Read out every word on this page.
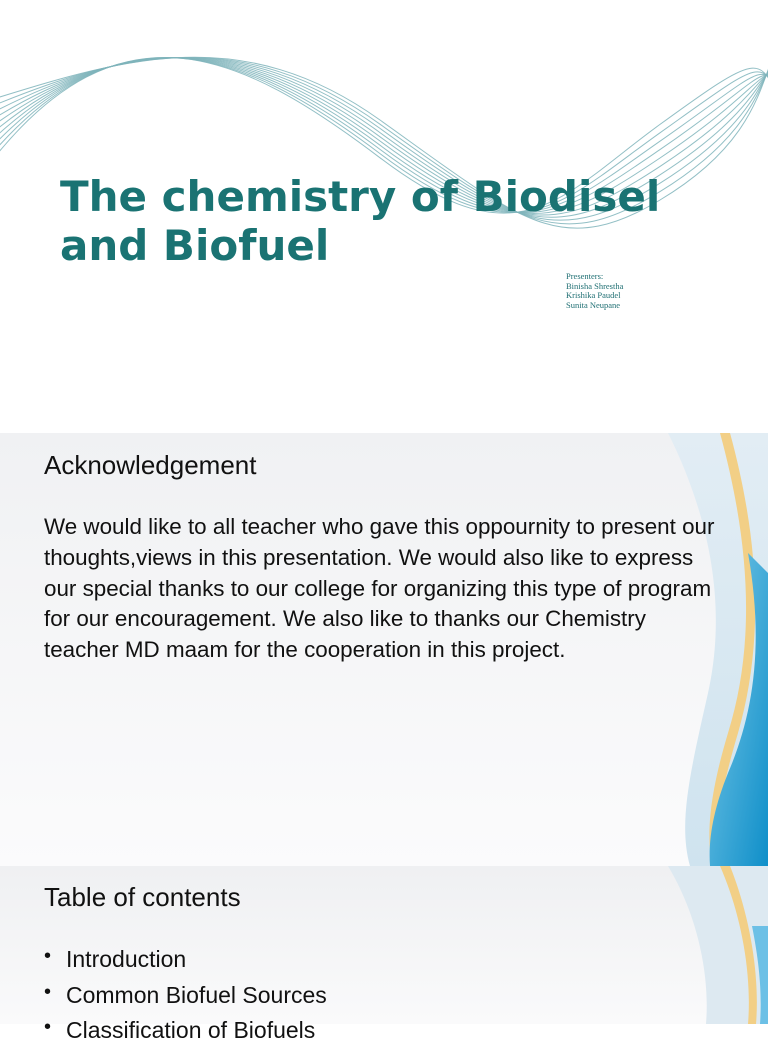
The chemistry of Biodisel and Biofuel
Presenters:
Binisha Shrestha
Krishika Paudel
Sunita Neupane
Acknowledgement

We would like to all teacher who gave this oppournity to present our thoughts,views in this presentation. We would also like to express our special thanks to our college for organizing this type of program for our encouragement. We also like to thanks our Chemistry teacher MD maam for the cooperation in this project.

Table of contents
• Introduction
• Common Biofuel Sources
• Classification of Biofuels
